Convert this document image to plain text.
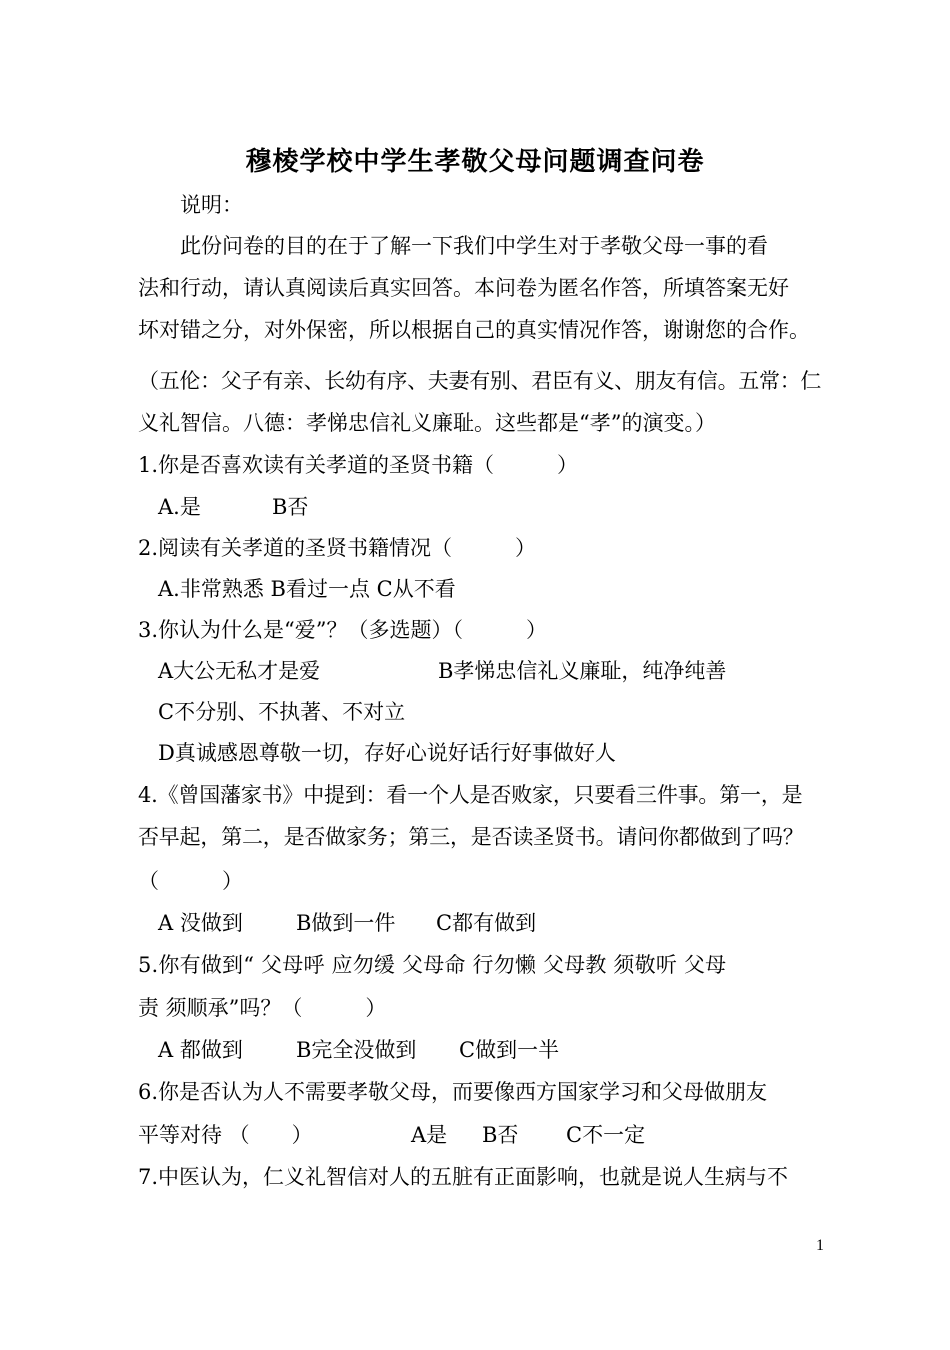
穆棱学校中学生孝敬父母问题调查问卷
说明：
此份问卷的目的在于了解一下我们中学生对于孝敬父母一事的看
法和行动，请认真阅读后真实回答。本问卷为匿名作答，所填答案无好
坏对错之分，对外保密，所以根据自己的真实情况作答，谢谢您的合作。
（五伦：父子有亲、长幼有序、夫妻有别、君臣有义、朋友有信。五常：仁
义礼智信。八德：孝悌忠信礼义廉耻。这些都是“孝”的演变。）
1.你是否喜欢读有关孝道的圣贤书籍（　　　）
A.是	B否
2.阅读有关孝道的圣贤书籍情况（　　　）
A.非常熟悉 B看过一点 C从不看
3.你认为什么是“爱”？（多选题）（　　　）
A大公无私才是爱	B孝悌忠信礼义廉耻，纯净纯善
C不分别、不执著、不对立
D真诚感恩尊敬一切，存好心说好话行好事做好人
4.《曾国藩家书》中提到：看一个人是否败家，只要看三件事。第一，是
否早起，第二，是否做家务；第三，是否读圣贤书。请问你都做到了吗？
（　　　）
A 没做到	B做到一件	C都有做到
5.你有做到“ 父母呼 应勿缓 父母命 行勿懒 父母教 须敬听 父母
责 须顺承”吗？（　　　）
A 都做到	B完全没做到	C做到一半
6.你是否认为人不需要孝敬父母，而要像西方国家学习和父母做朋友
平等对待 （　　）	A是	B否	C不一定
7.中医认为，仁义礼智信对人的五脏有正面影响，也就是说人生病与不
1
